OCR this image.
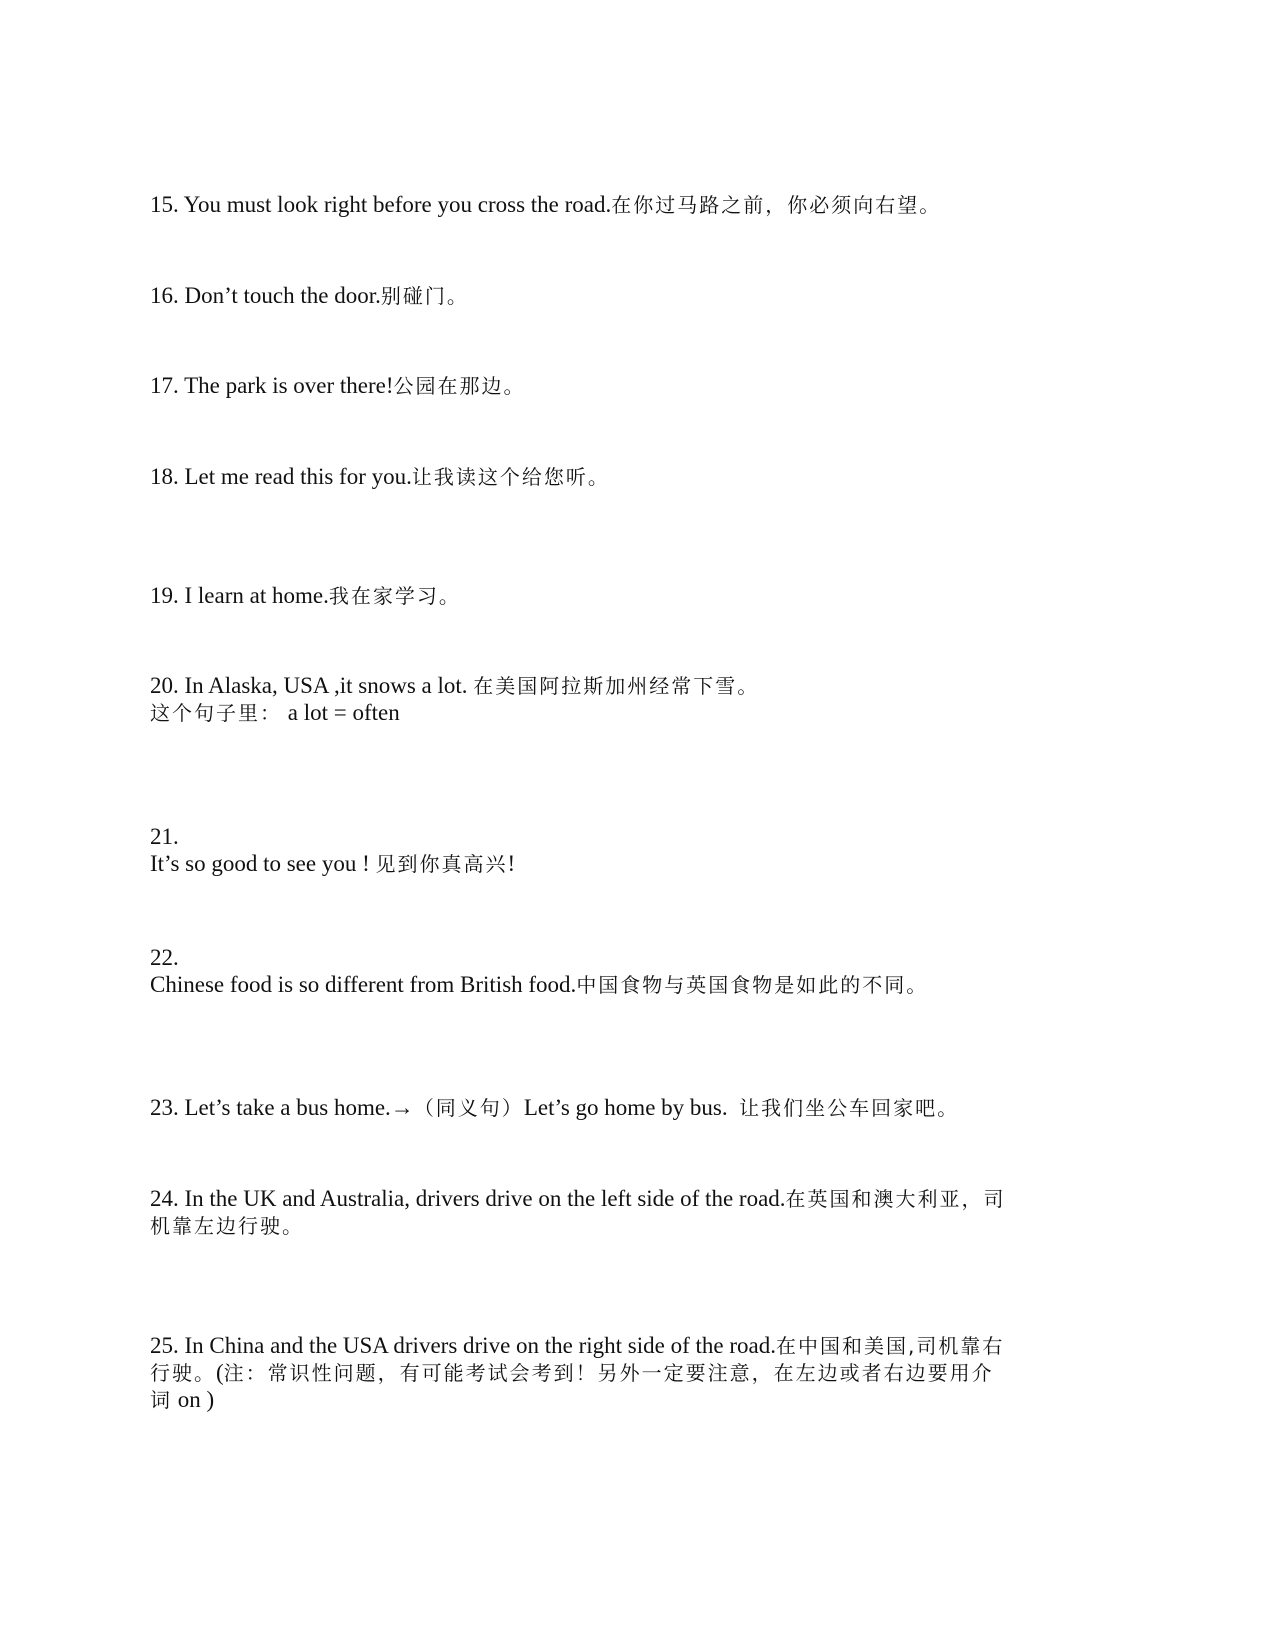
15. You must look right before you cross the road.在你过马路之前，你必须向右望。
16. Don’t touch the door.别碰门。
17. The park is over there!公园在那边。
18. Let me read this for you.让我读这个给您听。
19. I learn at home.我在家学习。
20. In Alaska, USA ,it snows a lot. 在美国阿拉斯加州经常下雪。
这个句子里： a lot = often
21.
It’s so good to see you ! 见到你真高兴!
22.
Chinese food is so different from British food.中国食物与英国食物是如此的不同。
23. Let’s take a bus home.→（同义句）Let’s go home by bus.  让我们坐公车回家吧。
24. In the UK and Australia, drivers drive on the left side of the road.在英国和澳大利亚，司
机靠左边行驶。
25. In China and the USA drivers drive on the right side of the road.在中国和美国,司机靠右
行驶。(注：常识性问题，有可能考试会考到！另外一定要注意，在左边或者右边要用介
词 on )
